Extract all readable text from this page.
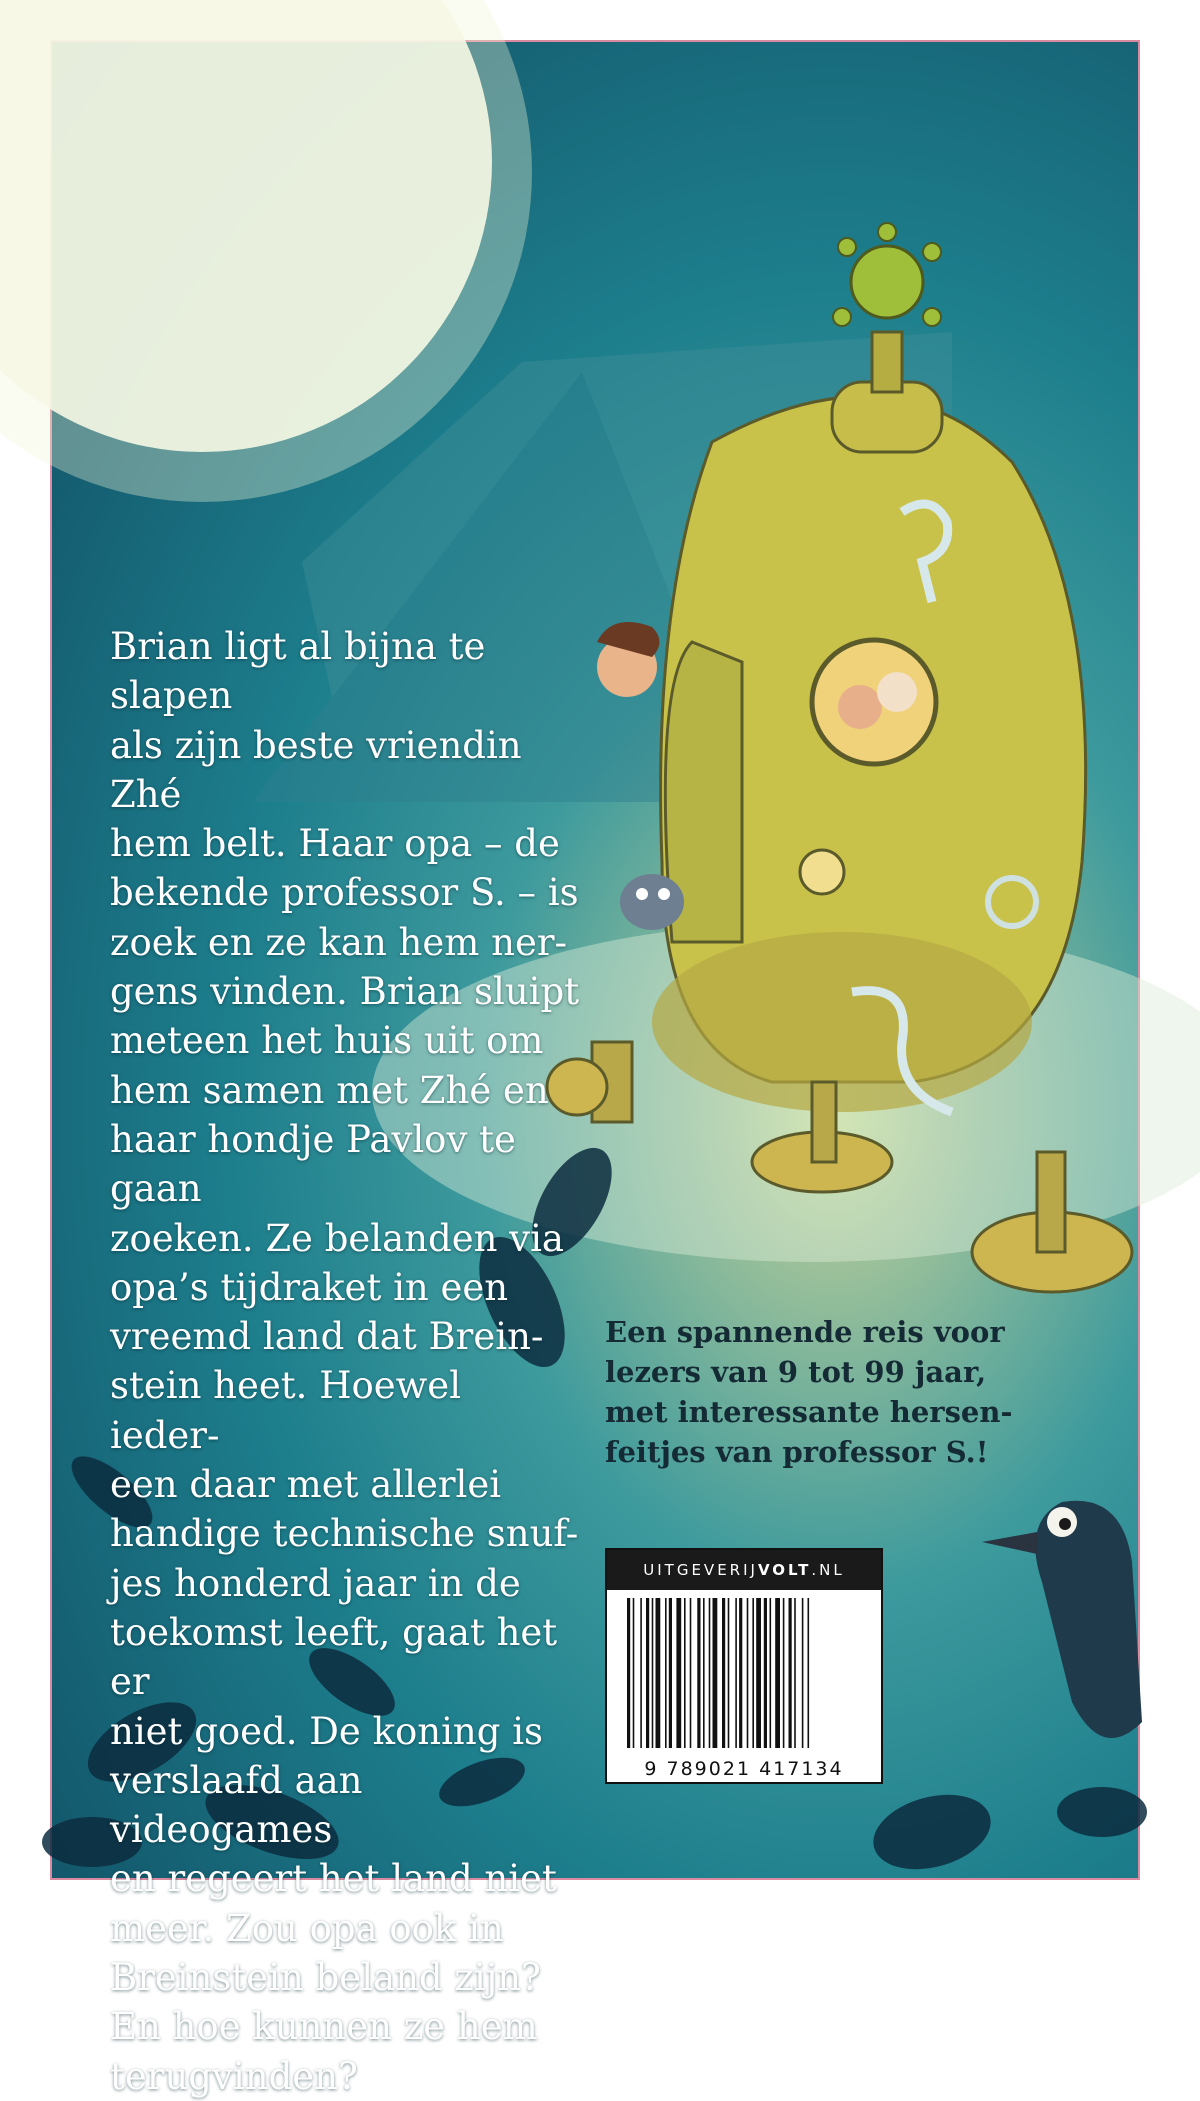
Brian ligt al bijna te slapen
als zijn beste vriendin Zhé
hem belt. Haar opa – de
bekende professor S. – is
zoek en ze kan hem ner-
gens vinden. Brian sluipt
meteen het huis uit om
hem samen met Zhé en
haar hondje Pavlov te gaan
zoeken. Ze belanden via
opa’s tijdraket in een
vreemd land dat Brein-
stein heet. Hoewel ieder-
een daar met allerlei
handige technische snuf-
jes honderd jaar in de
toekomst leeft, gaat het er
niet goed. De koning is
verslaafd aan videogames
en regeert het land niet
meer. Zou opa ook in
Breinstein beland zijn?
En hoe kunnen ze hem
terugvinden?
Een spannende reis voor
lezers van 9 tot 99 jaar,
met interessante hersen-
feitjes van professor S.!
UITGEVERIJ VOLT .NL
9 789021 417134
